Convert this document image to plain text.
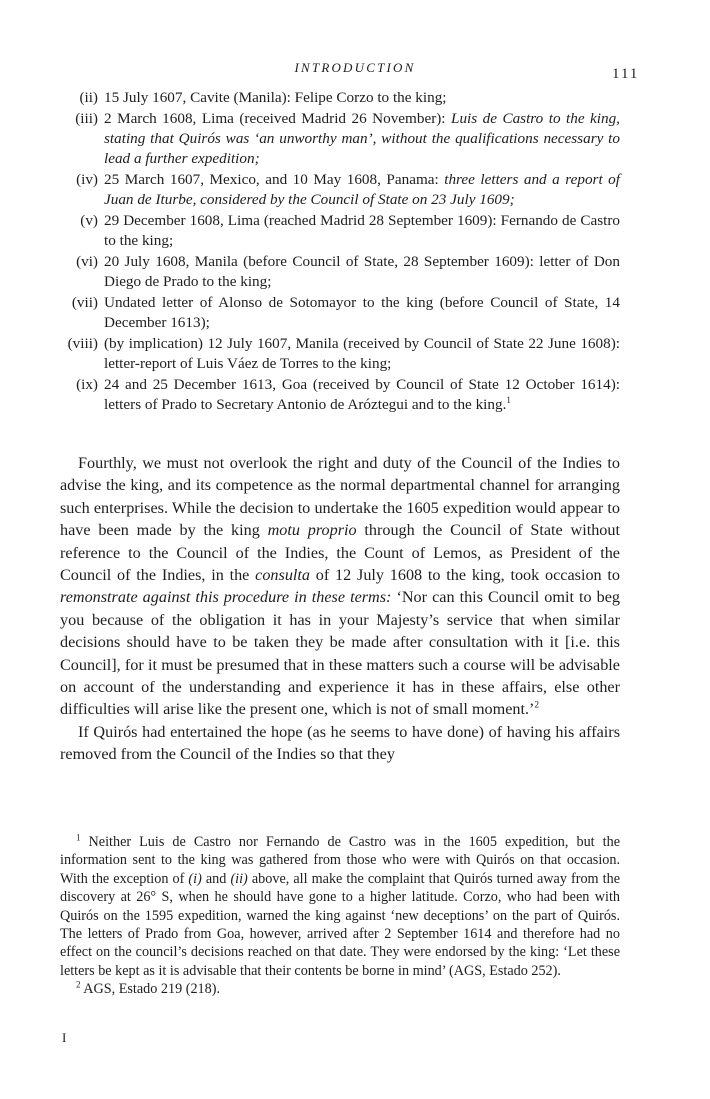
INTRODUCTION	111
(ii) 15 July 1607, Cavite (Manila): Felipe Corzo to the king;
(iii) 2 March 1608, Lima (received Madrid 26 November): Luis de Castro to the king, stating that Quirós was ‘an unworthy man’, without the qualifications necessary to lead a further expedition;
(iv) 25 March 1607, Mexico, and 10 May 1608, Panama: three letters and a report of Juan de Iturbe, considered by the Council of State on 23 July 1609;
(v) 29 December 1608, Lima (reached Madrid 28 September 1609): Fernando de Castro to the king;
(vi) 20 July 1608, Manila (before Council of State, 28 September 1609): letter of Don Diego de Prado to the king;
(vii) Undated letter of Alonso de Sotomayor to the king (before Council of State, 14 December 1613);
(viii) (by implication) 12 July 1607, Manila (received by Council of State 22 June 1608): letter-report of Luis Váez de Torres to the king;
(ix) 24 and 25 December 1613, Goa (received by Council of State 12 October 1614): letters of Prado to Secretary Antonio de Aróztegui and to the king.$^1$

Fourthly, we must not overlook the right and duty of the Council of the Indies to advise the king, and its competence as the normal departmental channel for arranging such enterprises. While the decision to undertake the 1605 expedition would appear to have been made by the king motu proprio through the Council of State without reference to the Council of the Indies, the Count of Lemos, as President of the Council of the Indies, in the consulta of 12 July 1608 to the king, took occasion to remonstrate against this procedure in these terms: ‘Nor can this Council omit to beg you because of the obligation it has in your Majesty’s service that when similar decisions should have to be taken they be made after consultation with it [i.e. this Council], for it must be presumed that in these matters such a course will be advisable on account of the understanding and experience it has in these affairs, else other difficulties will arise like the present one, which is not of small moment.’$^2$

If Quirós had entertained the hope (as he seems to have done) of having his affairs removed from the Council of the Indies so that they

$^1$ Neither Luis de Castro nor Fernando de Castro was in the 1605 expedition, but the information sent to the king was gathered from those who were with Quirós on that occasion. With the exception of (i) and (ii) above, all make the complaint that Quirós turned away from the discovery at 26° S, when he should have gone to a higher latitude. Corzo, who had been with Quirós on the 1595 expedition, warned the king against ‘new deceptions’ on the part of Quirós. The letters of Prado from Goa, however, arrived after 2 September 1614 and therefore had no effect on the council’s decisions reached on that date. They were endorsed by the king: ‘Let these letters be kept as it is advisable that their contents be borne in mind’ (AGS, Estado 252).

$^2$ AGS, Estado 219 (218).

I
